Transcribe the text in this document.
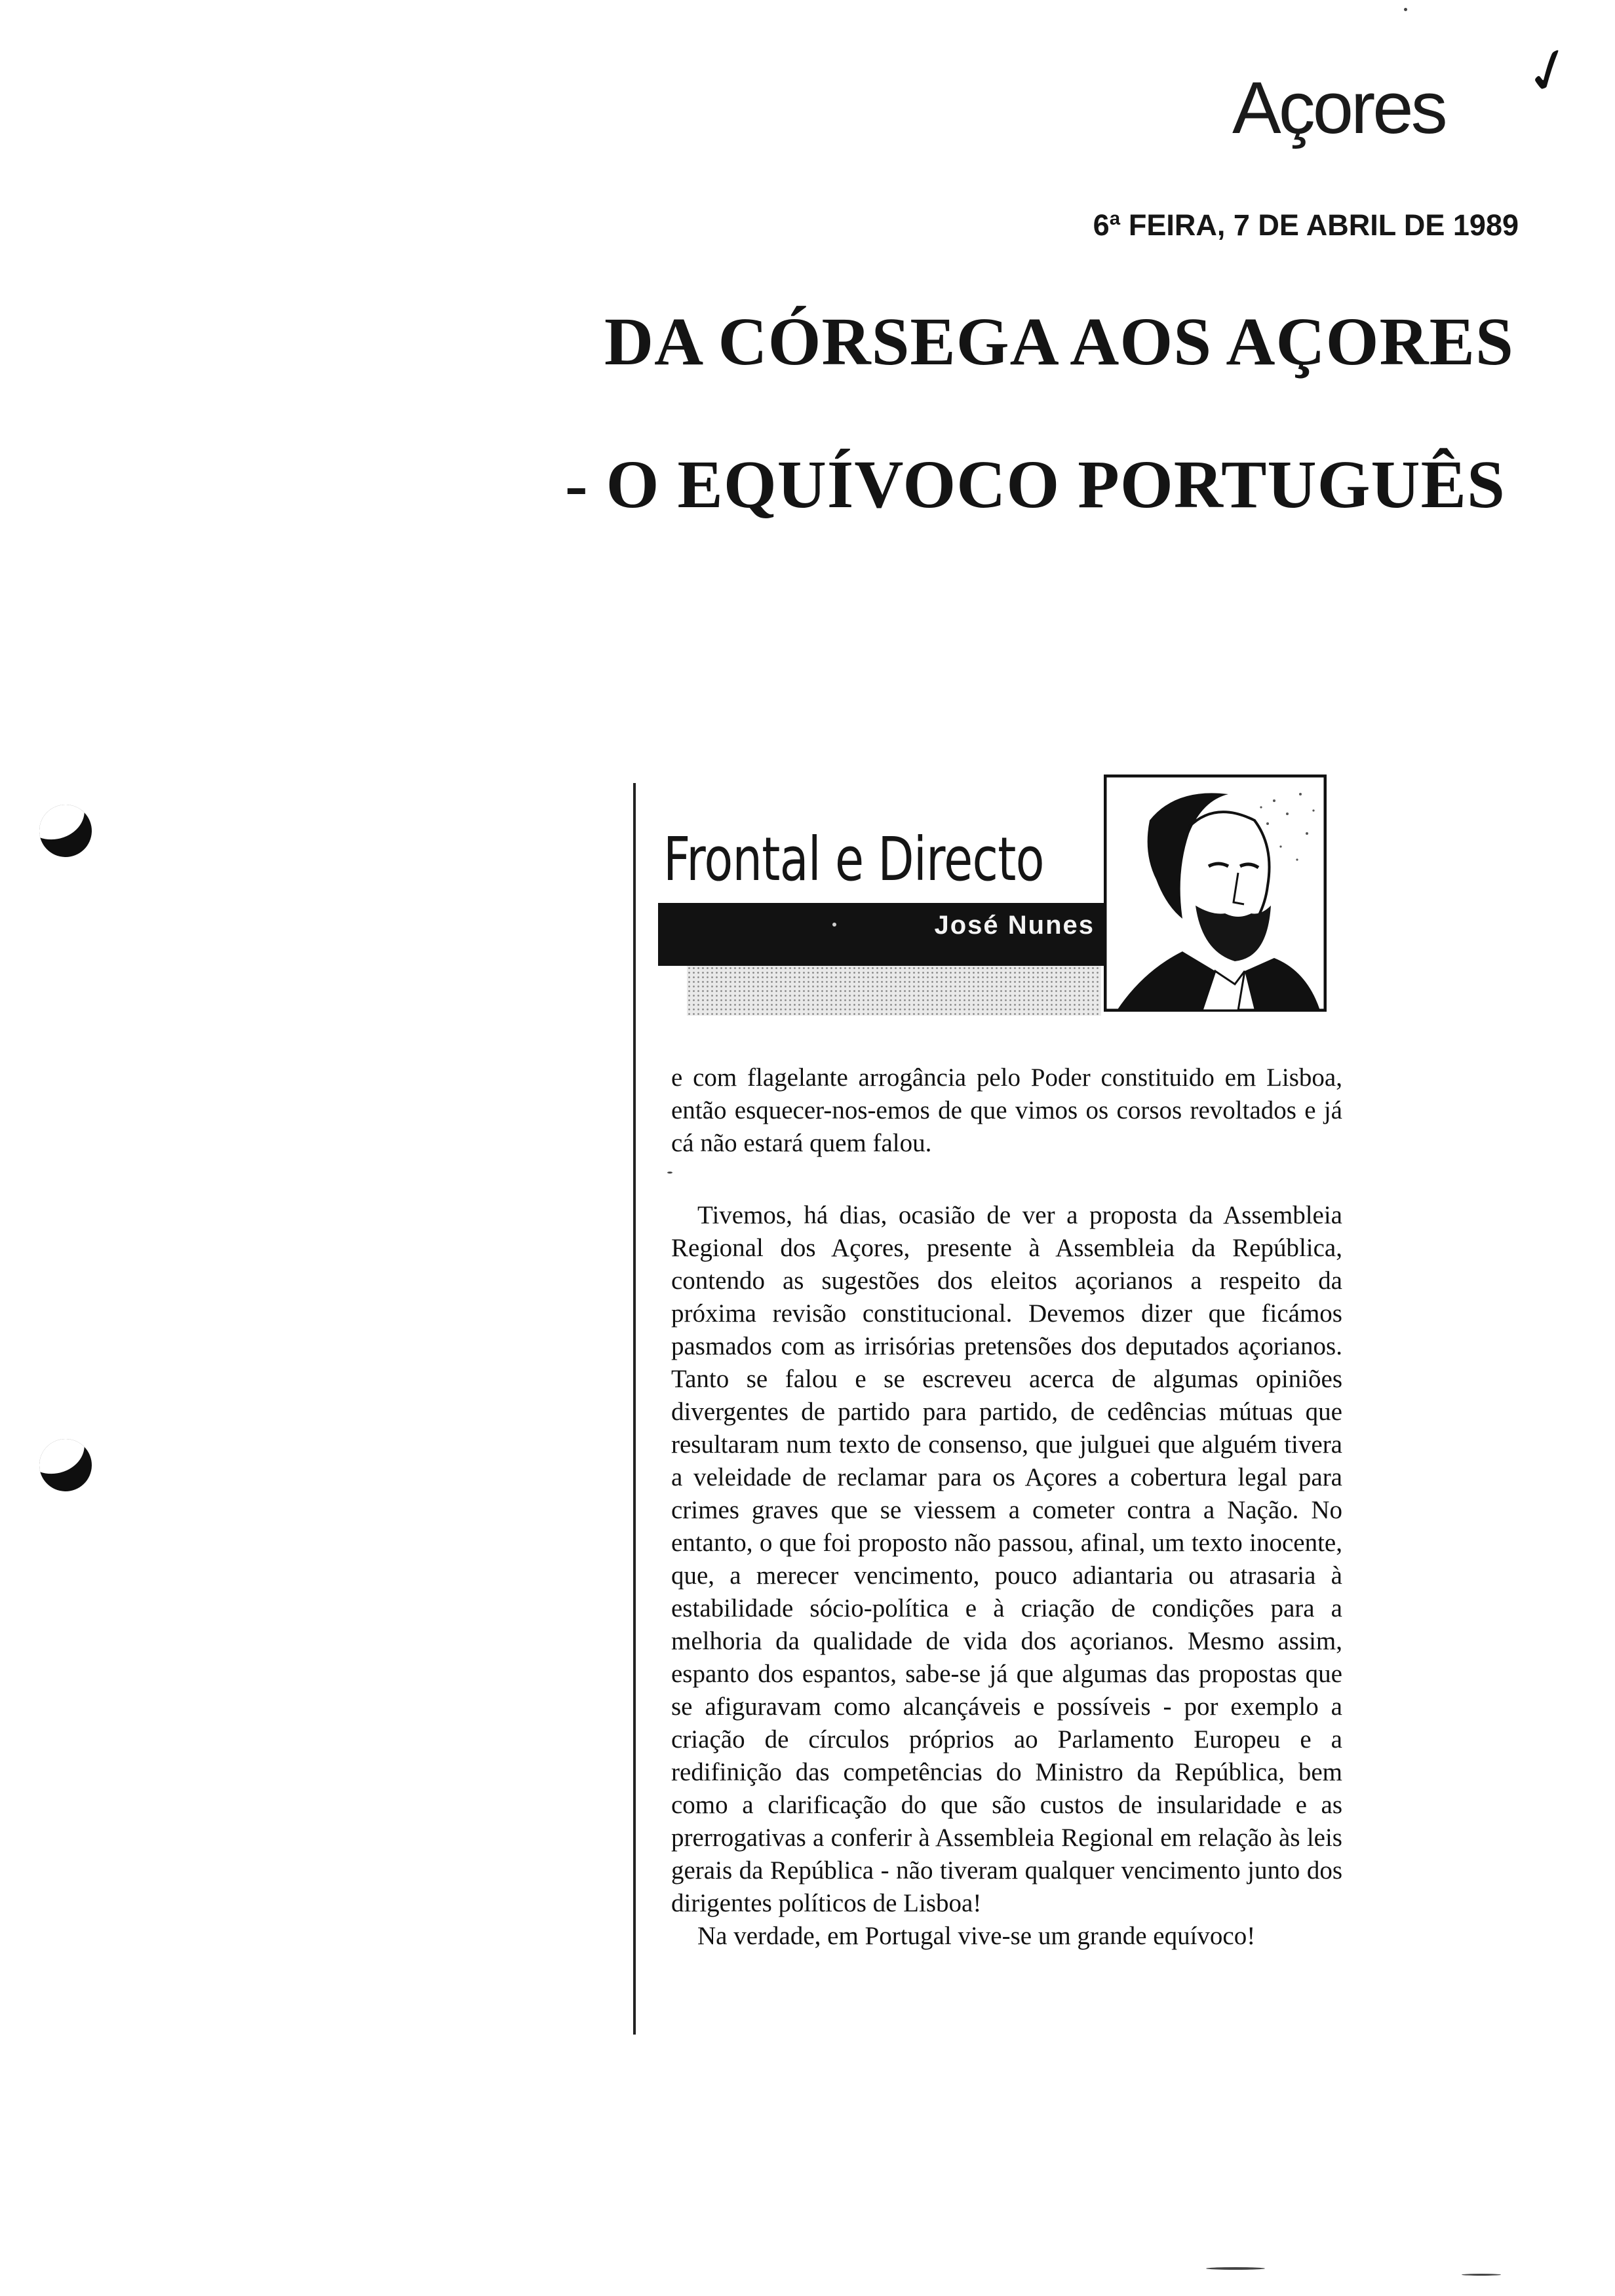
Açores ✓
6ª FEIRA, 7 DE ABRIL DE 1989
DA CÓRSEGA AOS AÇORES
- O EQUÍVOCO PORTUGUÊS
Frontal e Directo
José Nunes

e com flagelante arrogância pelo Poder constituido em Lisboa, então esquecer-nos-emos de que vimos os corsos revoltados e já cá não estará quem falou.

Tivemos, há dias, ocasião de ver a proposta da Assembleia Regional dos Açores, presente à Assembleia da República, contendo as sugestões dos eleitos açorianos a respeito da próxima revisão constitucional. Devemos dizer que ficámos pasmados com as irrisórias pretensões dos deputados açorianos. Tanto se falou e se escreveu acerca de algumas opiniões divergentes de partido para partido, de cedências mútuas que resultaram num texto de consenso, que julguei que alguém tivera a veleidade de reclamar para os Açores a cobertura legal para crimes graves que se viessem a cometer contra a Nação. No entanto, o que foi proposto não passou, afinal, um texto inocente, que, a merecer vencimento, pouco adiantaria ou atrasaria à estabilidade sócio-política e à criação de condições para a melhoria da qualidade de vida dos açorianos. Mesmo assim, espanto dos espantos, sabe-se já que algumas das propostas que se afiguravam como alcançáveis e possíveis - por exemplo a criação de círculos próprios ao Parlamento Europeu e a redifinição das competências do Ministro da República, bem como a clarificação do que são custos de insularidade e as prerrogativas a conferir à Assembleia Regional em relação às leis gerais da República - não tiveram qualquer vencimento junto dos dirigentes políticos de Lisboa!

Na verdade, em Portugal vive-se um grande equívoco!
